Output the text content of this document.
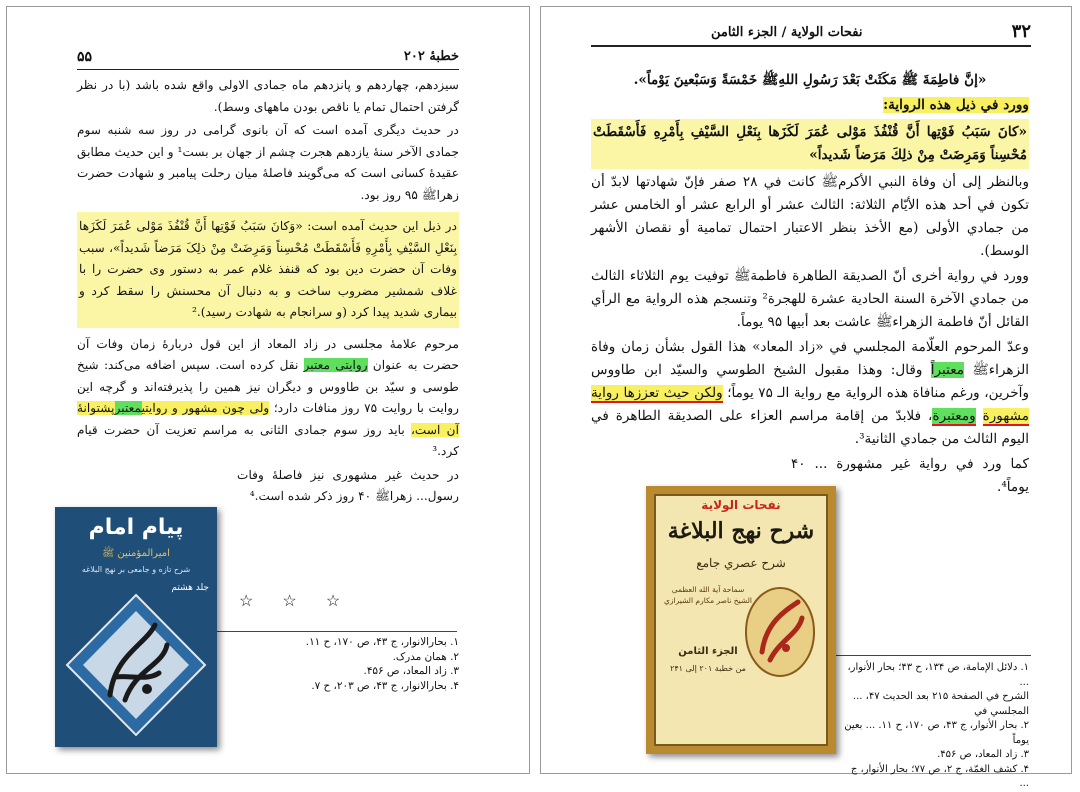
۵۵	خطبهٔ ۲۰۲

سیزدهم، چهاردهم و پانزدهم ماه جمادی الاولی واقع شده باشد (با در نظر گرفتن احتمال تمام یا ناقص بودن ماههای وسط).

در حدیث دیگری آمده است که آن بانوی گرامی در روز سه شنبه سوم جمادی الآخر سنهٔ یازدهم هجرت چشم از جهان بر بست¹ و این حدیث مطابق عقیدهٔ کسانی است که می‌گویند فاصلهٔ میان رحلت پیامبر و شهادت حضرت زهراﷺ ۹۵ روز بود.

در ذیل این حدیث آمده است: «وَکانَ سَبَبُ فَوْتِها أَنَّ قُنْفُذَ مَوْلی عُمَرَ لَکَزَها بِنَعْلِ السَّیْفِ بِأَمْرِهِ فَأَسْقَطَتْ مُحْسِناً وَمَرِضَتْ مِنْ ذلِکَ مَرَضاً شَدیداً»، سبب وفات آن حضرت دین بود که قنفذ غلام عمر به دستور وی حضرت را با غلاف شمشیر مضروب ساخت و به دنبال آن محسنش را سقط کرد و بیماری شدید پیدا کرد (و سرانجام به شهادت رسید).²

مرحوم علامهٔ مجلسی در زاد المعاد از این قول دربارهٔ زمان وفات آن حضرت به عنوان روایتی معتبر نقل کرده است. سپس اضافه می‌کند: شیخ طوسی و سیّد بن طاووس و دیگران نیز همین را پذیرفته‌اند و گرچه این روایت با روایت ۷۵ روز منافات دارد؛ ولی چون مشهور و روایتیمعتبرپشتوانهٔ آن است، باید روز سوم جمادی الثانی به مراسم تعزیت آن حضرت قیام کرد.³

در حدیث غیر مشهوری نیز فاصلهٔ وفات رسول... زهراﷺ ۴۰ روز ذکر شده است.⁴

☆ ☆ ☆
۱. بحارالانوار، ج ۴۳، ص ۱۷۰، ح ۱۱.
۲. همان مدرک.
۳. زاد المعاد، ص ۴۵۶.
۴. بحارالانوار، ج ۴۳، ص ۲۰۳، ح ۷.
۳۲
نفحات الولاية / الجزء الثامن

«إنَّ فاطِمَةَ ﷺ مَكَثَتْ بَعْدَ رَسُولِ اللهِﷺ خَمْسَةً وَسَبْعينَ يَوْماً».

وورد في ذيل هذه الرواية:

«كانَ سَبَبُ فَوْتِها أَنَّ قُنْفُذَ مَوْلى عُمَرَ لَكَزَها بِنَعْلِ السَّيْفِ بِأَمْرِهِ فَأَسْقَطَتْ مُحْسِناً وَمَرِضَتْ مِنْ ذلِكَ مَرَضاً شَديداً»

وبالنظر إلى أن وفاة النبي الأكرمﷺ كانت في ۲۸ صفر فإنّ شهادتها لابدّ أن تكون في أحد هذه الأيّام الثلاثة: الثالث عشر أو الرابع عشر أو الخامس عشر من جمادي الأولى (مع الأخذ بنظر الاعتبار احتمال تمامية أو نقصان الأشهر الوسط).

وورد في رواية أخرى أنّ الصديقة الطاهرة فاطمةﷺ توفيت يوم الثلاثاء الثالث من جمادي الآخرة السنة الحادية عشرة للهجرة² وتنسجم هذه الرواية مع الرأي القائل أنّ فاطمة الزهراءﷺ عاشت بعد أبيها ۹۵ يوماً.

وعدّ المرحوم العلّامة المجلسي في «زاد المعاد» هذا القول بشأن زمان وفاة الزهراءﷺ معتبراً وقال: وهذا مقبول الشيخ الطوسي والسيّد ابن طاووس وآخرين، ورغم منافاة هذه الرواية مع رواية الـ ۷۵ يوماً؛ ولكن حيث تعززها رواية مشهورة ومعتبرة، فلابدّ من إقامة مراسم العزاء على الصديقة الطاهرة في اليوم الثالث من جمادي الثانية³.

كما ورد في رواية غير مشهورة ... ۴۰ يوماً⁴.

۱. دلائل الإمامة، ص ۱۳۴، ح ۴۳؛ بحار الأنوار، ...
الشرح في الصفحة ۲۱۵ بعد الحديث ۴۷، ... المجلسي في
۲. بحار الأنوار، ج ۴۳، ص ۱۷۰، ح ۱۱. ... بعين يوماً
۳. زاد المعاد، ص ۴۵۶.
۴. كشف الغمّة، ج ۲، ص ۷۷؛ بحار الأنوار، ج ...
پیام امام
امیرالمؤمنین ﷺ
شرح تازه و جامعی بر نهج البلاغه
جلد هشتم
نفحات الولاية
شرح نهج البلاغة
شرح عصري جامع
سماحة آية الله العظمى الشيخ ناصر مكارم الشيرازي
الجزء الثامن
من خطبة ۲۰۱ إلى ۲۴۱
